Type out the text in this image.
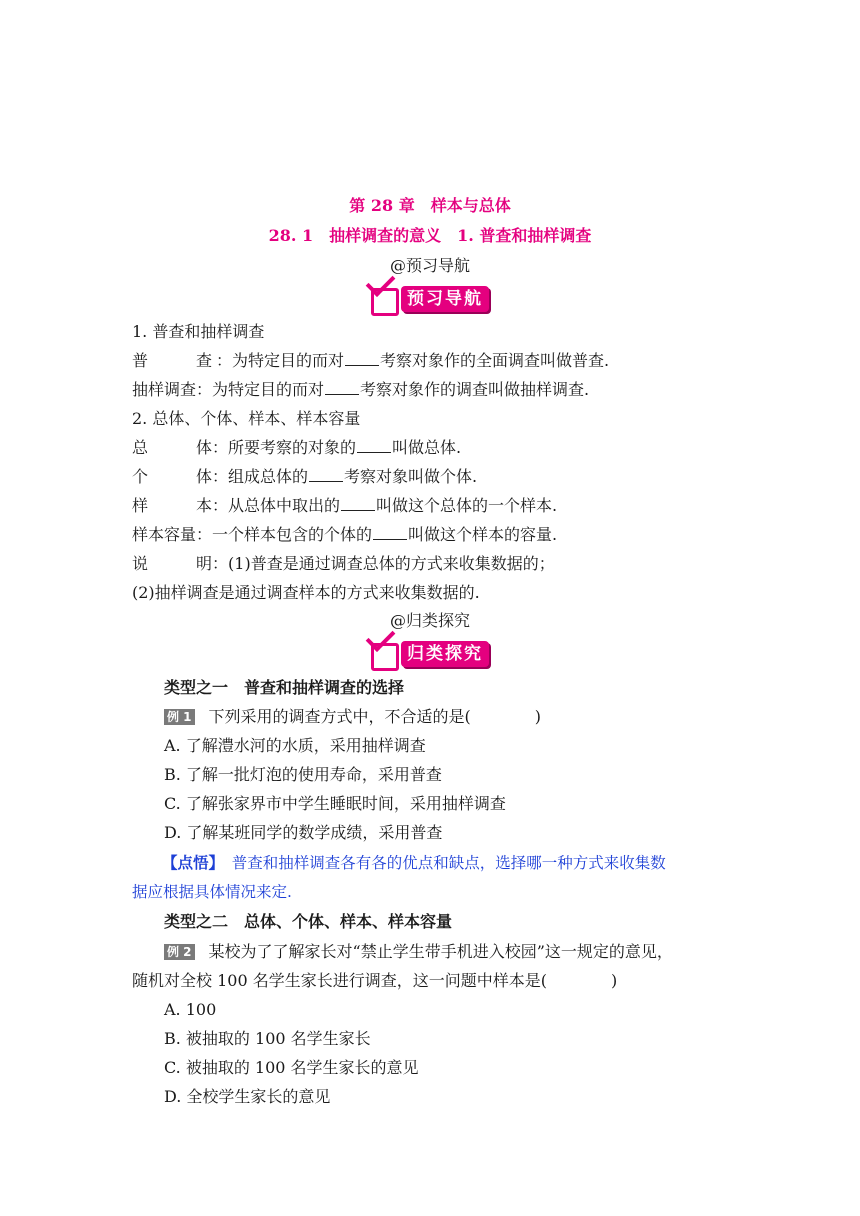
第 28 章　样本与总体
28. 1　抽样调查的意义　1. 普查和抽样调查
@预习导航
预习导航
1. 普查和抽样调查
普	查 ：为特定目的而对 考察对象作的全面调查叫做普查.
抽样调查：为特定目的而对 考察对象作的调查叫做抽样调查.
2. 总体、个体、样本、样本容量
总	体：所要考察的对象的 叫做总体.
个	体：组成总体的 考察对象叫做个体.
样	本：从总体中取出的 叫做这个总体的一个样本.
样本容量：一个样本包含的个体的 叫做这个样本的容量.
说	明：(1)普查是通过调查总体的方式来收集数据的；
(2)抽样调查是通过调查样本的方式来收集数据的.
@归类探究
归类探究
类型之一　普查和抽样调查的选择
例 1 下列采用的调查方式中，不合适的是(　　　　)
A. 了解澧水河的水质，采用抽样调查
B. 了解一批灯泡的使用寿命，采用普查
C. 了解张家界市中学生睡眠时间，采用抽样调查
D. 了解某班同学的数学成绩，采用普查
【点悟】　普查和抽样调查各有各的优点和缺点，选择哪一种方式来收集数
据应根据具体情况来定.
类型之二　总体、个体、样本、样本容量
例 2 某校为了了解家长对“禁止学生带手机进入校园”这一规定的意见，
随机对全校 100 名学生家长进行调查，这一问题中样本是(　　　　)
A. 100
B. 被抽取的 100 名学生家长
C. 被抽取的 100 名学生家长的意见
D. 全校学生家长的意见
